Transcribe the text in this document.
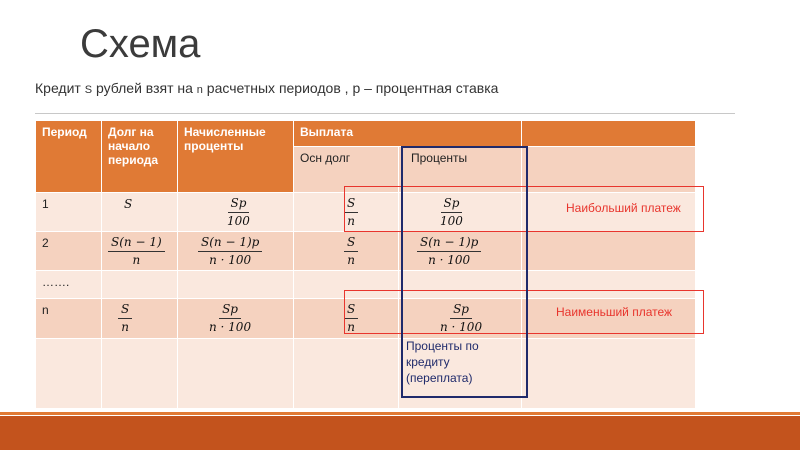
Схема
Кредит S рублей взят на n расчетных периодов , p – процентная ставка
Период	Долг на начало периода	Начисленные проценты	Выплата		
			Осн долг	Проценты	
1	S	$\frac{Sp}{100}$	$\frac{S}{n}$	$\frac{Sp}{100}$

2	$\frac{S(n - 1)}{n}$	$\frac{S(n - 1)p}{n \cdot 100}$	$\frac{S}{n}$	$\frac{S(n - 1)p}{n \cdot 100}$

…….					
n	$\frac{S}{n}$	$\frac{Sp}{n \cdot 100}$	$\frac{S}{n}$	$\frac{Sp}{n \cdot 100}$

Наибольший платеж
Наименьший платеж
Проценты по
кредиту
(переплата)
